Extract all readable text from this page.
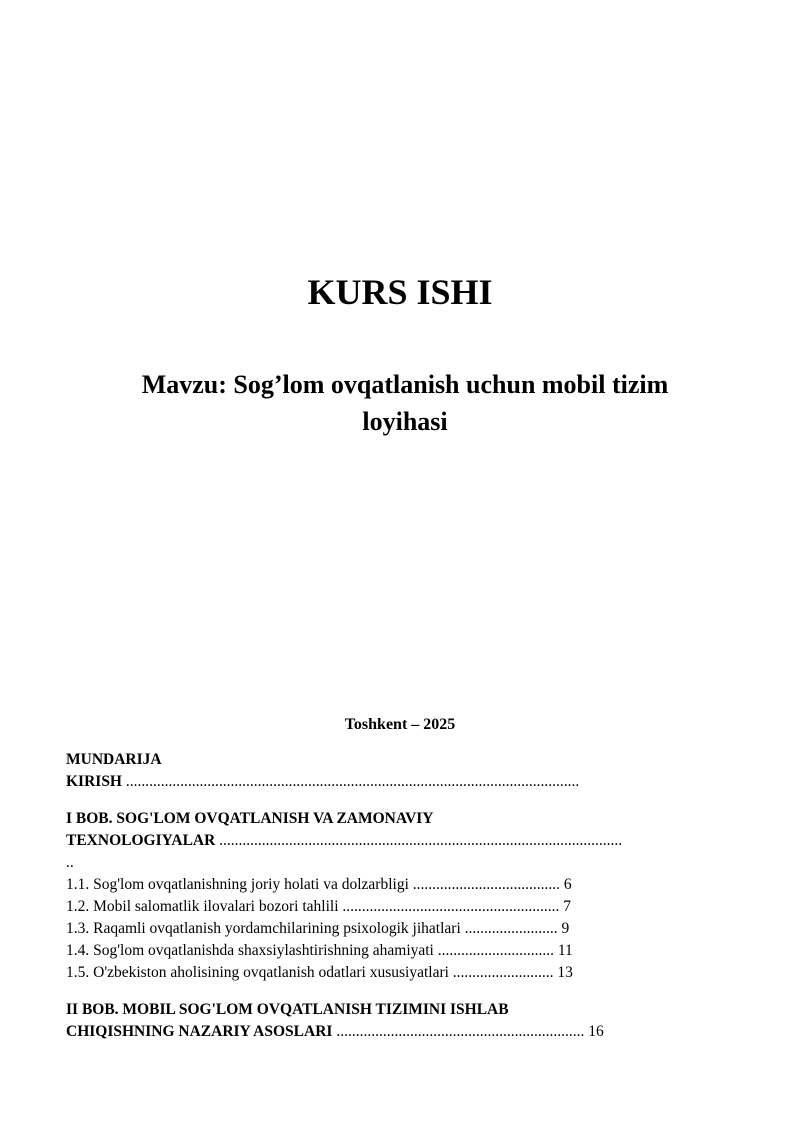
KURS ISHI
Mavzu: Sog’lom ovqatlanish uchun mobil tizim
loyihasi
Toshkent – 2025
MUNDARIJA
KIRISH .....................................................................................................................
I BOB. SOG'LOM OVQATLANISH VA ZAMONAVIY
TEXNOLOGIYALAR ........................................................................................................
..
1.1. Sog'lom ovqatlanishning joriy holati va dolzarbligi ...................................... 6
1.2. Mobil salomatlik ilovalari bozori tahlili ........................................................ 7
1.3. Raqamli ovqatlanish yordamchilarining psixologik jihatlari ........................ 9
1.4. Sog'lom ovqatlanishda shaxsiylashtirishning ahamiyati .............................. 11
1.5. O'zbekiston aholisining ovqatlanish odatlari xususiyatlari .......................... 13
II BOB. MOBIL SOG'LOM OVQATLANISH TIZIMINI ISHLAB
CHIQISHNING NAZARIY ASOSLARI ................................................................ 16
